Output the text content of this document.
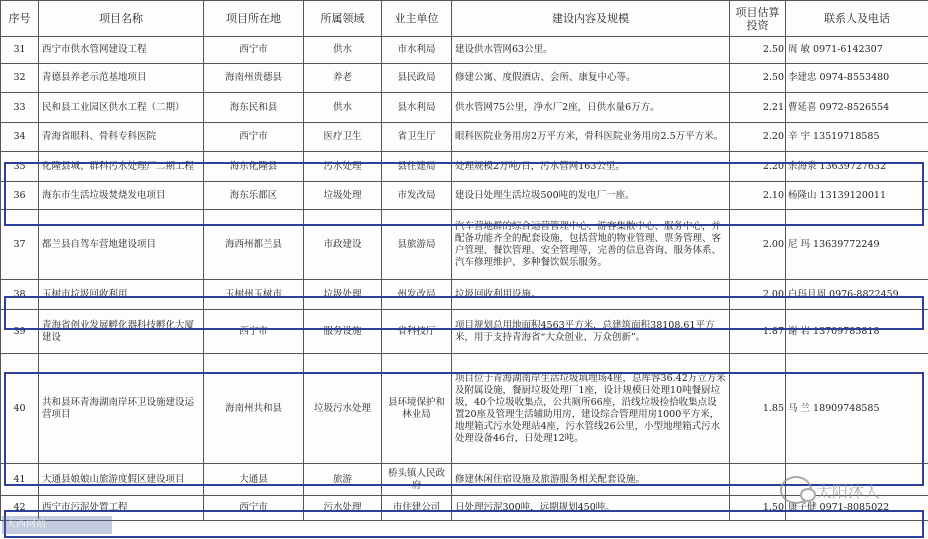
序号	项目名称	项目所在地	所属领域	业主单位	建设内容及规模	项目估算投资	联系人及电话
31	西宁市供水管网建设工程	西宁市	供水	市水利局	建设供水管网63公里。	2.50	周 敏 0971-6142307
32	青德县养老示范基地项目	海南州贵德县	养老	县民政局	修建公寓、度假酒店、会所、康复中心等。	2.50	李建忠 0974-8553480
33	民和县工业园区供水工程（二期）	海东民和县	供水	县水利局	供水管网75公里，净水厂2座，日供水量6万方。	2.21	曹延喜 0972-8526554
34	青海省眼科、骨科专科医院	西宁市	医疗卫生	省卫生厅	眼科医院业务用房2万平方米，骨科医院业务用房2.5万平方米。	2.20	辛 宇 13519718585
35	化隆县城、群科污水处理厂二期工程	海东化隆县	污水处理	县住建局	处理规模2万吨/日，污水管网163公里。	2.20	余海泉 13639727632
36	海东市生活垃圾焚烧发电项目	海东乐都区	垃圾处理	市发改局	建设日处理生活垃圾500吨的发电厂一座。	2.10	杨隆山 13139120011
37	都兰县自驾车营地建设项目	海西州都兰县	市政建设	县旅游局	汽车营地群的综合运营管理中心、游客集散中心、服务中心，并配备功能齐全的配套设施，包括营地的物业管理、票务管理、客户管理、餐饮管理、安全管理等，完善的信息咨询、服务体系、汽车修理维护、多种餐饮娱乐服务。	2.00	尼 玛 13639772249
38	玉树市垃圾回收利用	玉树州玉树市	垃圾处理	州发改局	垃圾回收利用设施。	2.00	白玛旦周 0976-8822459
39	青海省创业发展孵化器科技孵化大厦建设	西宁市	服务设施	省科技厅	项目规划总用地面积4563平方米，总建筑面积38108.61平方米，用于支持青海省“大众创业、万众创新”。	1.87	谢 岩 13709785818
40	共和县环青海湖南岸环卫设施建设运营项目	海南州共和县	垃圾污水处理	县环境保护和林业局	项目位于青海湖南岸生活垃圾填埋场4座，总库容36.42万立方米及附属设施，餐厨垃圾处理厂1座，设计规模日处理10吨餐厨垃圾，40个垃圾收集点，公共厕所66座，沿线垃圾捡拾收集点设置20座及管理生活辅助用房，建设综合管理用房1000平方米，地埋箱式污水处理站4座，污水管线26公里，小型地埋箱式污水处理设备46台，日处理12吨。	1.85	马 兰 18909748585
41	大通县娘娘山旅游度假区建设项目	大通县	旅游	桥头镇人民政府	修建休闲住宿设施及旅游服务相关配套设施。		
42	西宁市污泥处置工程	西宁市	污水处理	市住建公司	日处理污泥300吨，远期规划450吨。	1.50	康子健 0971-8085022
太阳沐人
大西网站
